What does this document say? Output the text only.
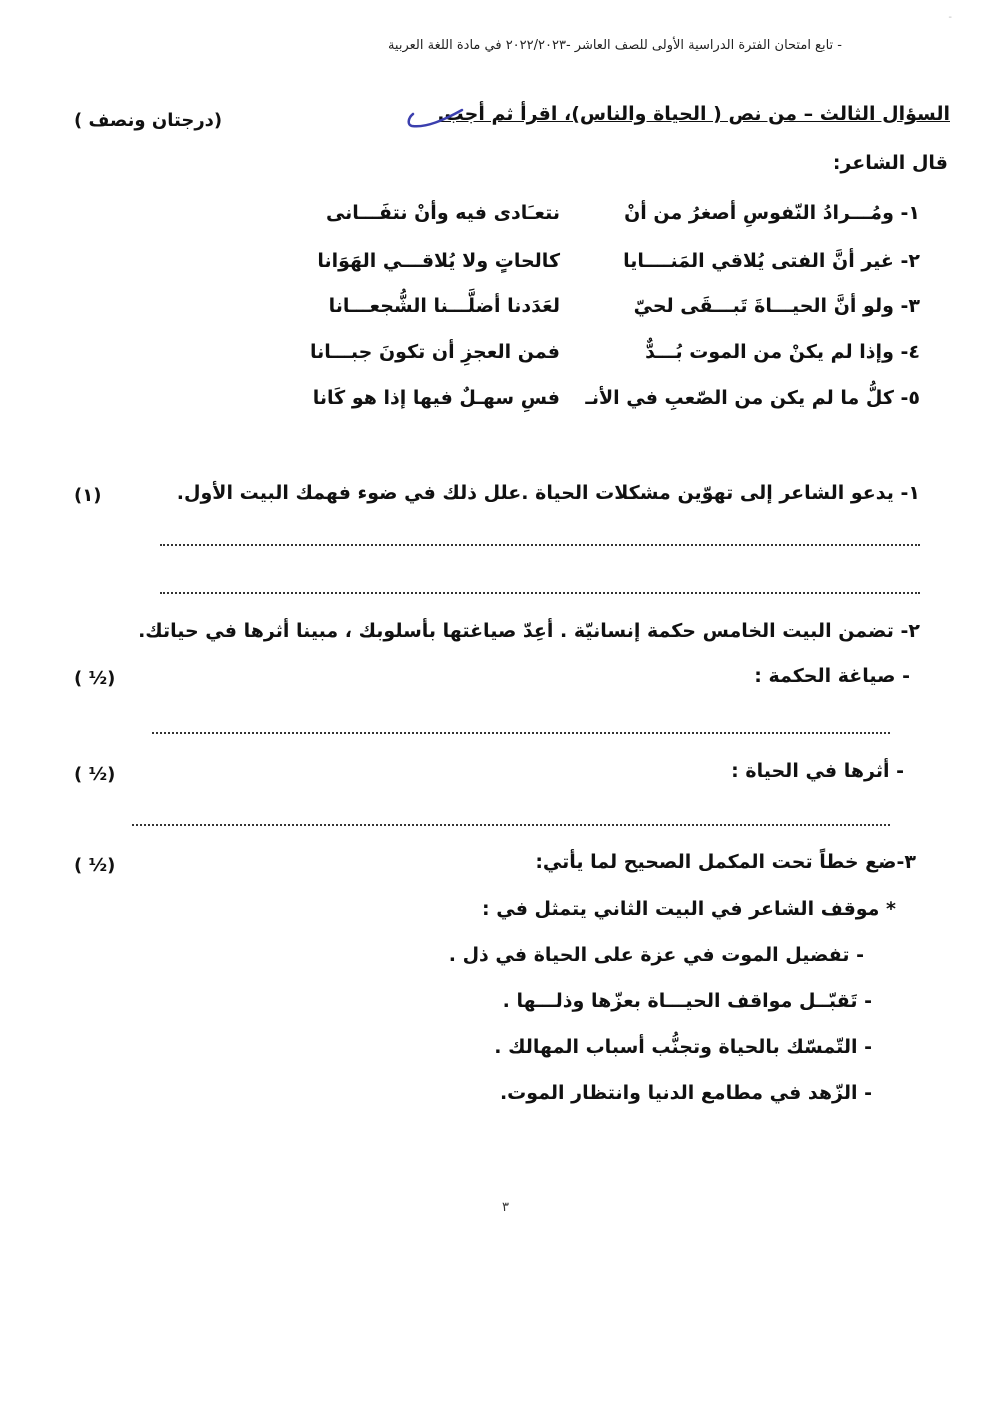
-
- تابع امتحان الفترة الدراسية الأولى للصف العاشر -٢٠٢٢/٢٠٢٣ في مادة اللغة العربية
السؤال الثالث – من نص ( الحياة والناس)، اقرأ ثم أجب.
(درجتان ونصف )
قال الشاعر:
١- ومُـــرادُ النّفوسِ أصغرُ من أنْ
نتعـَادى فيه وأنْ نتفَـــانى
٢- غير أنَّ الفتى يُلاقي المَنــــايا
كالحاتٍ ولا يُلاقـــي الهَوَانا
٣- ولو أنَّ الحيـــاةَ تَبـــقَى لحيّ
لعَدَدنا أضلَّـــنا الشُّجعـــانا
٤- وإذا لم يكنْ من الموت بُـــدٌّ
فمن العجزِ أن تكونَ جبـــانا
٥- كلُّ ما لم يكن من الصّعبِ في الأنـ
فسِ سهـلٌ فيها إذا هو كَانا
١- يدعو الشاعر إلى تهوّين مشكلات الحياة .علل ذلك في ضوء فهمك البيت الأول.
(١)
٢- تضمن البيت الخامس حكمة إنسانيّة . أعِدّ صياغتها بأسلوبك ، مبينا أثرها في حياتك.
- صياغة الحكمة :
( ½)
- أثرها في الحياة :
( ½)
٣-ضع خطاً تحت المكمل الصحيح لما يأتي:
( ½)
* موقف الشاعر في البيت الثاني يتمثل في :
- تفضيل الموت في عزة على الحياة في ذل .
- تَقبّــل مواقف الحيـــاة بعزّها وذلـــها .
- التّمسّك بالحياة وتجنُّب أسباب المهالك .
- الزّهد في مطامع الدنيا وانتظار الموت.
٣
